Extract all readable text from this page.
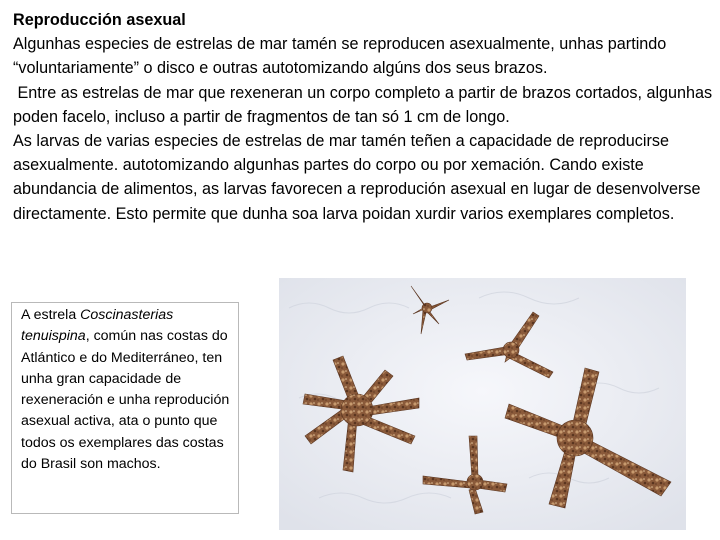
Reproducción asexual

Algunhas especies de estrelas de mar tamén se reproducen asexualmente, unhas partindo “voluntariamente” o disco e outras autotomizando algúns dos seus brazos.

Entre as estrelas de mar que rexeneran un corpo completo a partir de brazos cortados, algunhas poden facelo, incluso a partir de fragmentos de tan só 1 cm de longo.

As larvas de varias especies de estrelas de mar tamén teñen a capacidade de reproducirse asexualmente. autotomizando algunhas partes do corpo ou por xemación. Cando existe abundancia de alimentos, as larvas favorecen a reprodución asexual en lugar de desenvolverse directamente. Esto permite que dunha soa larva poidan xurdir varios exemplares completos.

A estrela Coscinasterias tenuispina, común nas costas do Atlántico e do Mediterráneo, ten unha gran capacidade de rexeneración e unha reprodución asexual activa, ata o punto que todos os exemplares das costas do Brasil son machos.
